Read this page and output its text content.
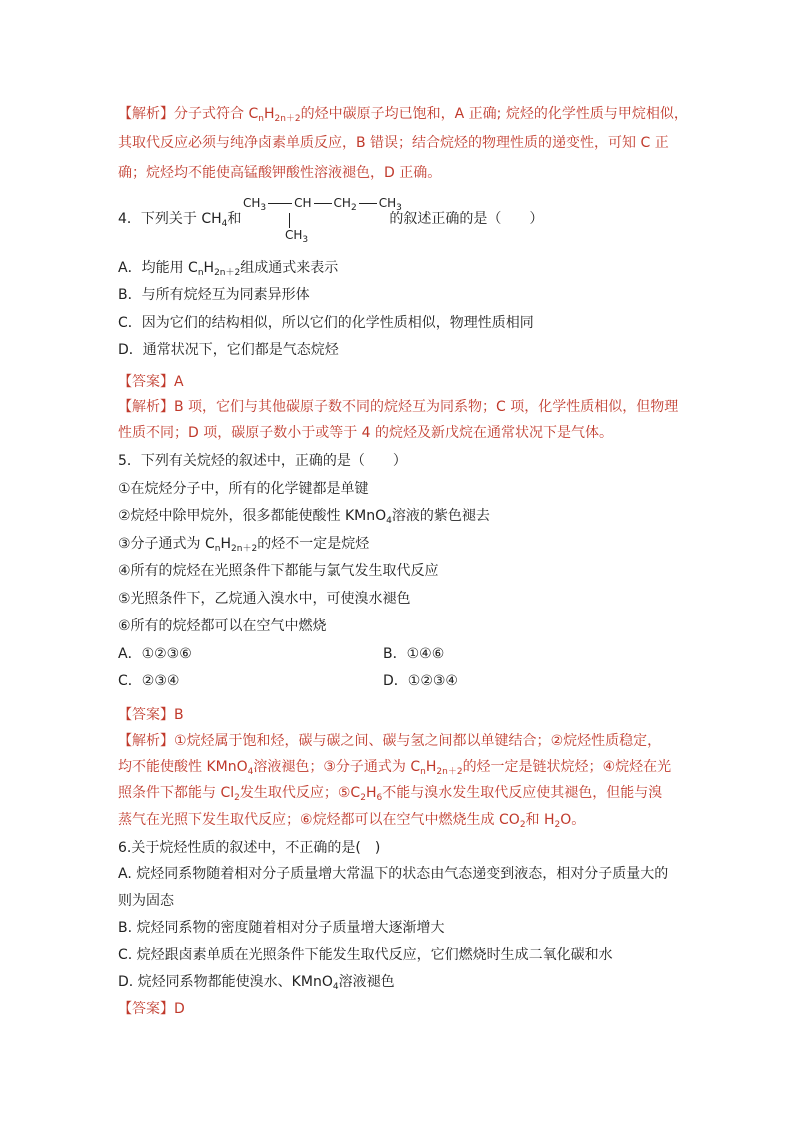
【解析】分子式符合 $C_nH_{2n+2}$的烃中碳原子均已饱和，A 正确; 烷烃的化学性质与甲烷相似，
其取代反应必须与纯净卤素单质反应，B 错误；结合烷烃的物理性质的递变性，可知 C 正
确；烷烃均不能使高锰酸钾酸性溶液褪色，D 正确。
4．下列关于 $CH_4$和	的叙述正确的是（　　）
$CH_3$ CH $CH_2$ $CH_3$
$CH_3$
A．均能用 $C_nH_{2n+2}$组成通式来表示
B．与所有烷烃互为同素异形体
C．因为它们的结构相似，所以它们的化学性质相似，物理性质相同
D．通常状况下，它们都是气态烷烃
【答案】A
【解析】B 项，它们与其他碳原子数不同的烷烃互为同系物；C 项，化学性质相似，但物理
性质不同；D 项，碳原子数小于或等于 4 的烷烃及新戊烷在通常状况下是气体。
5．下列有关烷烃的叙述中，正确的是（　　）
①在烷烃分子中，所有的化学键都是单键
②烷烃中除甲烷外，很多都能使酸性 KMnO$_4$溶液的紫色褪去
③分子通式为 $C_nH_{2n+2}$的烃不一定是烷烃
④所有的烷烃在光照条件下都能与氯气发生取代反应
⑤光照条件下，乙烷通入溴水中，可使溴水褪色
⑥所有的烷烃都可以在空气中燃烧
A．①②③⑥	B．①④⑥
C．②③④	D．①②③④
【答案】B
【解析】①烷烃属于饱和烃，碳与碳之间、碳与氢之间都以单键结合；②烷烃性质稳定，
均不能使酸性 KMnO$_4$溶液褪色；③分子通式为 $C_nH_{2n+2}$的烃一定是链状烷烃；④烷烃在光
照条件下都能与 $Cl_2$发生取代反应；$⑤C_2H_6$不能与溴水发生取代反应使其褪色，但能与溴
蒸气在光照下发生取代反应；⑥烷烃都可以在空气中燃烧生成 $CO_2$和 $H_2O$。
6.关于烷烃性质的叙述中，不正确的是(　)
A. 烷烃同系物随着相对分子质量增大常温下的状态由气态递变到液态，相对分子质量大的
则为固态
B. 烷烃同系物的密度随着相对分子质量增大逐渐增大
C. 烷烃跟卤素单质在光照条件下能发生取代反应，它们燃烧时生成二氧化碳和水
D. 烷烃同系物都能使溴水、KMnO$_4$溶液褪色
【答案】D
